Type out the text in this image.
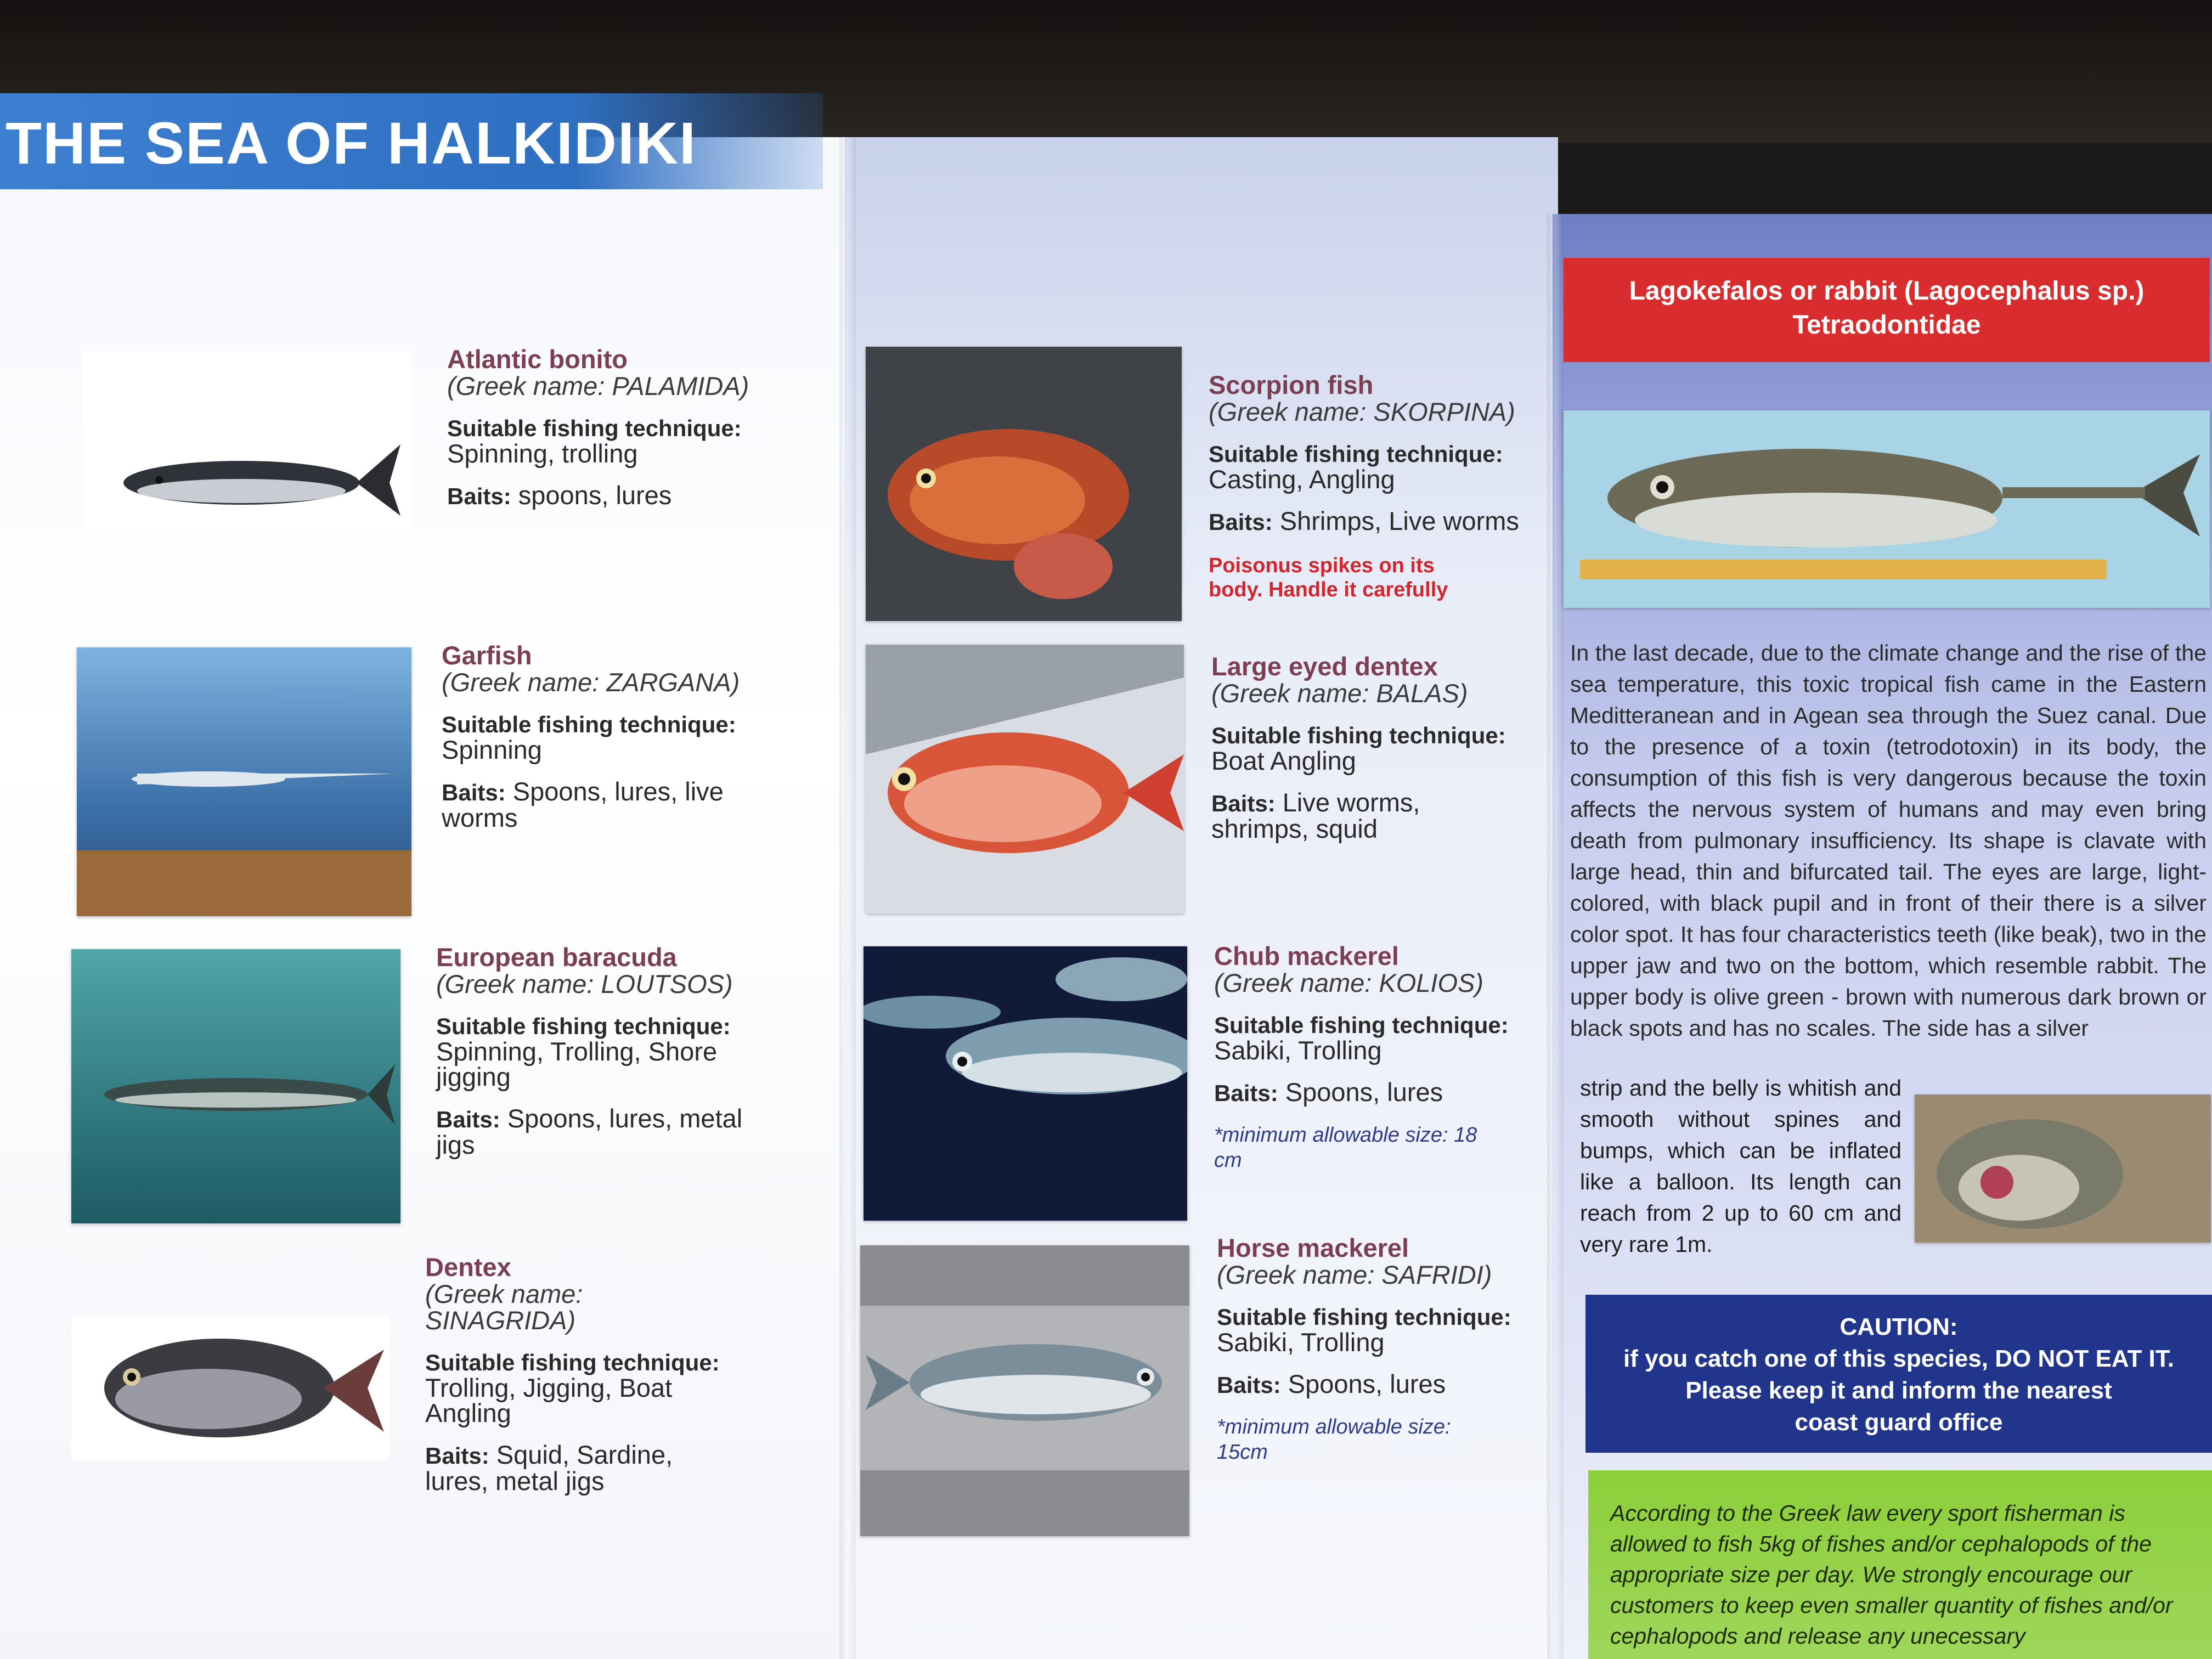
THE SEA OF HALKIDIKI
Atlantic bonito
(Greek name: PALAMIDA)
Suitable fishing technique:
Spinning, trolling
Baits: spoons, lures
Garfish
(Greek name: ZARGANA)
Suitable fishing technique:
Spinning
Baits: Spoons, lures, live worms
European baracuda
(Greek name: LOUTSOS)
Suitable fishing technique:
Spinning, Trolling, Shore jigging
Baits: Spoons, lures, metal jigs
Dentex
(Greek name: SINAGRIDA)
Suitable fishing technique:
Trolling, Jigging, Boat Angling
Baits: Squid, Sardine, lures, metal jigs
Scorpion fish
(Greek name: SKORPINA)
Suitable fishing technique:
Casting, Angling
Baits: Shrimps, Live worms
Poisonus spikes on its body. Handle it carefully
Large eyed dentex
(Greek name: BALAS)
Suitable fishing technique:
Boat Angling
Baits: Live worms, shrimps, squid
Chub mackerel
(Greek name: KOLIOS)
Suitable fishing technique:
Sabiki, Trolling
Baits: Spoons, lures
*minimum allowable size: 18 cm
Horse mackerel
(Greek name: SAFRIDI)
Suitable fishing technique:
Sabiki, Trolling
Baits: Spoons, lures
*minimum allowable size: 15cm
Lagokefalos or rabbit (Lagocephalus sp.)
Tetraodontidae
In the last decade, due to the climate change and the rise of the sea temperature, this toxic tropical fish came in the Eastern Meditteranean and in Agean sea through the Suez canal. Due to the presence of a toxin (tetrodotoxin) in its body, the consumption of this fish is very dangerous because the toxin affects the nervous system of humans and may even bring death from pulmonary insufficiency. Its shape is clavate with large head, thin and bifurcated tail. The eyes are large, light-colored, with black pupil and in front of their there is a silver color spot. It has four characteristics teeth (like beak), two in the upper jaw and two on the bottom, which resemble rabbit. The upper body is olive green - brown with numerous dark brown or black spots and has no scales. The side has a silver
strip and the belly is whitish and smooth without spines and bumps, which can be inflated like a balloon. Its length can reach from 2 up to 60 cm and very rare 1m.
CAUTION:
if you catch one of this species, DO NOT EAT IT.
Please keep it and inform the nearest
coast guard office
According to the Greek law every sport fisherman is allowed to fish 5kg of fishes and/or cephalopods of the appropriate size per day. We strongly encourage our customers to keep even smaller quantity of fishes and/or cephalopods and release any unecessary
